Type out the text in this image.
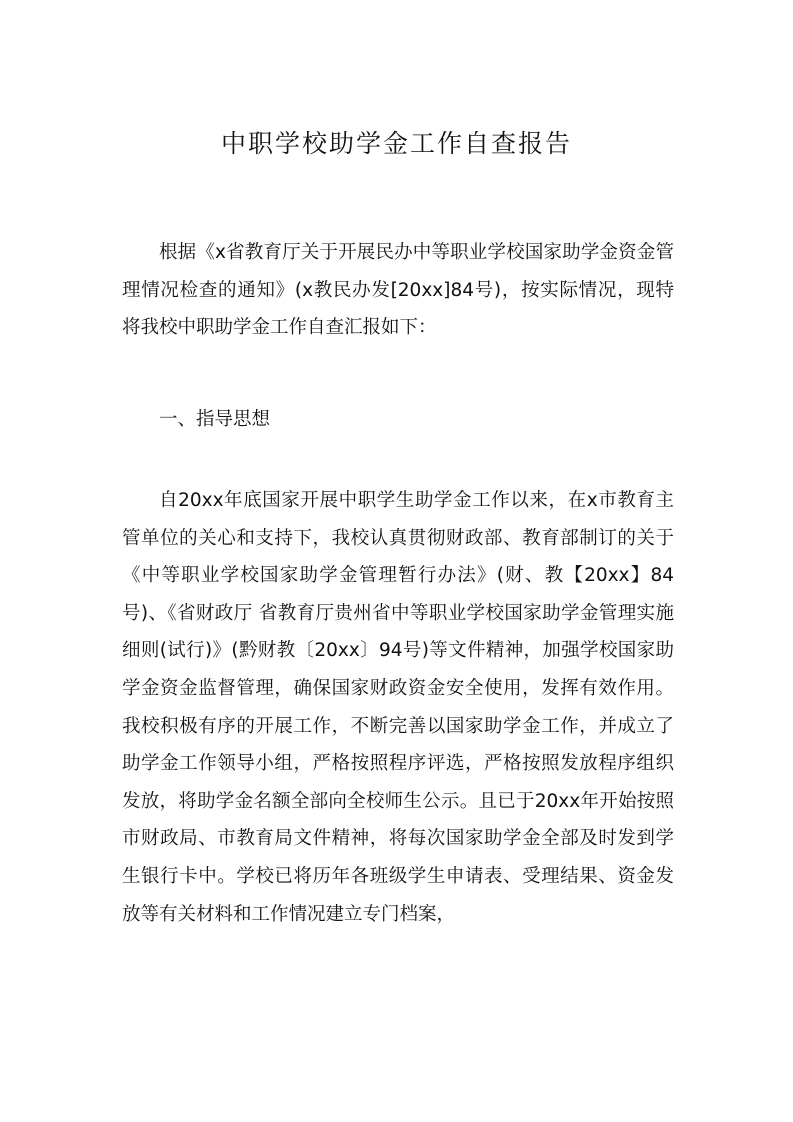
中职学校助学金工作自查报告

根据《x省教育厅关于开展民办中等职业学校国家助学金资金管理情况检查的通知》(x教民办发[20xx]84号)，按实际情况，现特将我校中职助学金工作自查汇报如下：

一、指导思想

自20xx年底国家开展中职学生助学金工作以来，在x市教育主管单位的关心和支持下，我校认真贯彻财政部、教育部制订的关于《中等职业学校国家助学金管理暂行办法》(财、教【20xx】84号)、《省财政厅 省教育厅贵州省中等职业学校国家助学金管理实施细则(试行)》(黔财教〔20xx〕94号)等文件精神，加强学校国家助学金资金监督管理，确保国家财政资金安全使用，发挥有效作用。我校积极有序的开展工作，不断完善以国家助学金工作，并成立了助学金工作领导小组，严格按照程序评选，严格按照发放程序组织发放，将助学金名额全部向全校师生公示。且已于20xx年开始按照市财政局、市教育局文件精神，将每次国家助学金全部及时发到学生银行卡中。学校已将历年各班级学生申请表、受理结果、资金发放等有关材料和工作情况建立专门档案，
